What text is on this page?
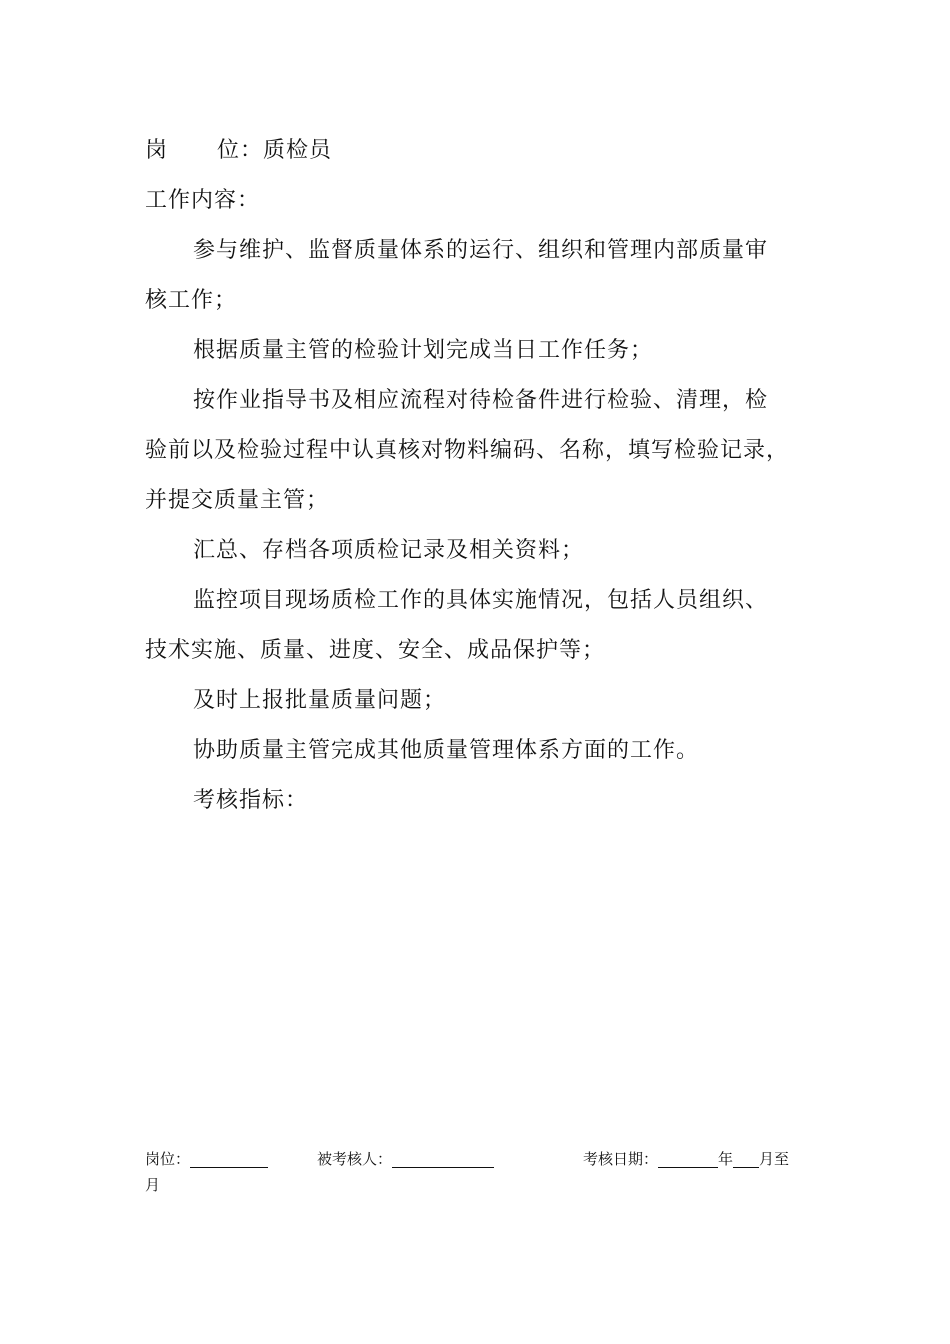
岗 位：质检员
工作内容：
参与维护、监督质量体系的运行、组织和管理内部质量审
核工作；
根据质量主管的检验计划完成当日工作任务；
按作业指导书及相应流程对待检备件进行检验、清理，检
验前以及检验过程中认真核对物料编码、名称，填写检验记录，
并提交质量主管；
汇总、存档各项质检记录及相关资料；
监控项目现场质检工作的具体实施情况，包括人员组织、
技术实施、质量、进度、安全、成品保护等；
及时上报批量质量问题；
协助质量主管完成其他质量管理体系方面的工作。
考核指标：
岗位：	被考核人：	考核日期：	年 月至
月
